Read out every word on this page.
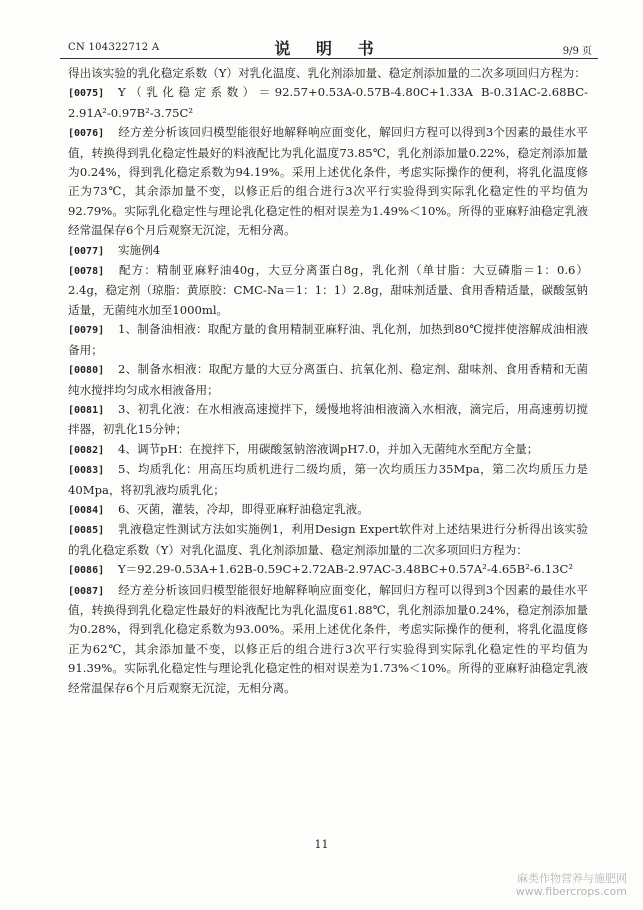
CN 104322712 A	说 明 书	9/9 页
得出该实验的乳化稳定系数（Y）对乳化温度、乳化剂添加量、稳定剂添加量的二次多项回归方程为：
[0075] Y（乳化稳定系数）＝92.57+0.53A-0.57B-4.80C+1.33A B-0.31AC-2.68BC-2.91A²-0.97B²-3.75C²
[0076] 经方差分析该回归模型能很好地解释响应面变化，解回归方程可以得到3个因素的最佳水平值，转换得到乳化稳定性最好的料液配比为乳化温度73.85℃，乳化剂添加量0.22%，稳定剂添加量为0.24%，得到乳化稳定系数为94.19%。采用上述优化条件，考虑实际操作的便利，将乳化温度修正为73℃，其余添加量不变，以修正后的组合进行3次平行实验得到实际乳化稳定性的平均值为92.79%。实际乳化稳定性与理论乳化稳定性的相对误差为1.49%＜10%。所得的亚麻籽油稳定乳液经常温保存6个月后观察无沉淀，无相分离。
[0077] 实施例4
[0078] 配方：精制亚麻籽油40g，大豆分离蛋白8g，乳化剂（单甘脂：大豆磷脂＝1：0.6）2.4g，稳定剂（琼脂：黄原胶：CMC-Na＝1：1：1）2.8g，甜味剂适量、食用香精适量，碳酸氢钠适量，无菌纯水加至1000ml。
[0079] 1、制备油相液：取配方量的食用精制亚麻籽油、乳化剂，加热到80℃搅拌使溶解成油相液备用；
[0080] 2、制备水相液：取配方量的大豆分离蛋白、抗氧化剂、稳定剂、甜味剂、食用香精和无菌纯水搅拌均匀成水相液备用；
[0081] 3、初乳化液：在水相液高速搅拌下，缓慢地将油相液滴入水相液，滴完后，用高速剪切搅拌器，初乳化15分钟；
[0082] 4、调节pH：在搅拌下，用碳酸氢钠溶液调pH7.0，并加入无菌纯水至配方全量；
[0083] 5、均质乳化：用高压均质机进行二级均质，第一次均质压力35Mpa，第二次均质压力是40Mpa，将初乳液均质乳化；
[0084] 6、灭菌，灌装，冷却，即得亚麻籽油稳定乳液。
[0085] 乳液稳定性测试方法如实施例1，利用Design Expert软件对上述结果进行分析得出该实验的乳化稳定系数（Y）对乳化温度、乳化剂添加量、稳定剂添加量的二次多项回归方程为：
[0086] Y＝92.29-0.53A+1.62B-0.59C+2.72AB-2.97AC-3.48BC+0.57A²-4.65B²-6.13C²
[0087] 经方差分析该回归模型能很好地解释响应面变化，解回归方程可以得到3个因素的最佳水平值，转换得到乳化稳定性最好的料液配比为乳化温度61.88℃，乳化剂添加量0.24%，稳定剂添加量为0.28%，得到乳化稳定系数为93.00%。采用上述优化条件，考虑实际操作的便利，将乳化温度修正为62℃，其余添加量不变，以修正后的组合进行3次平行实验得到实际乳化稳定性的平均值为91.39%。实际乳化稳定性与理论乳化稳定性的相对误差为1.73%＜10%。所得的亚麻籽油稳定乳液经常温保存6个月后观察无沉淀，无相分离。
11
麻类作物营养与施肥网
www.fibercrops.com
